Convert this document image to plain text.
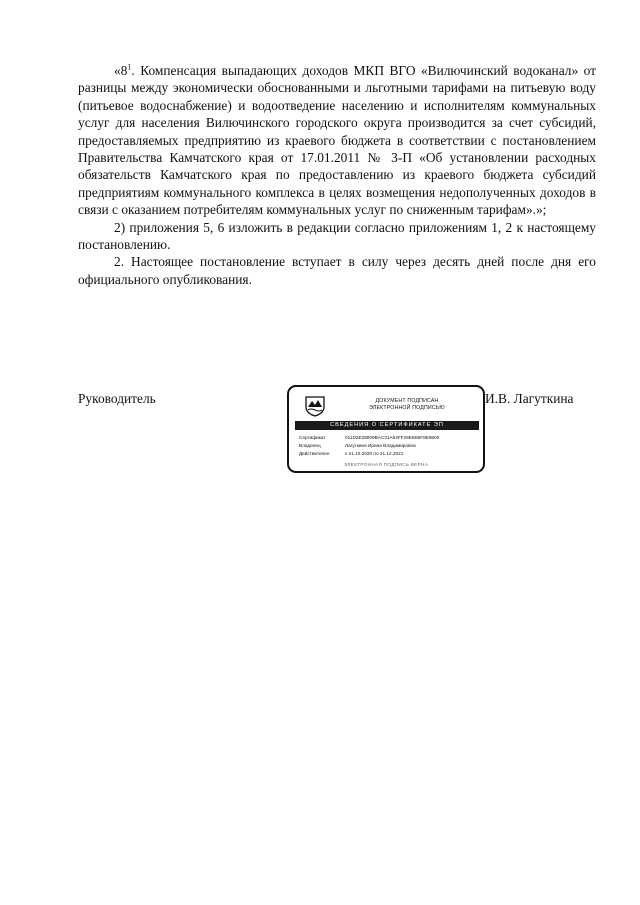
«$8^1$. Компенсация выпадающих доходов МКП ВГО «Вилючинский водоканал» от разницы между экономически обоснованными и льготными тарифами на питьевую воду (питьевое водоснабжение) и водоотведение населению и исполнителям коммунальных услуг для населения Вилючинского городского округа производится за счет субсидий, предоставляемых предприятию из краевого бюджета в соответствии с постановлением Правительства Камчатского края от 17.01.2011 № 3-П «Об установлении расходных обязательств Камчатского края по предоставлению из краевого бюджета субсидий предприятиям коммунального комплекса в целях возмещения недополученных доходов в связи с оказанием потребителям коммунальных услуг по сниженным тарифам».»;

2) приложения 5, 6 изложить в редакции согласно приложениям 1, 2 к настоящему постановлению.

2. Настоящее постановление вступает в силу через десять дней после дня его официального опубликования.

Руководитель	ДОКУМЕНТ ПОДПИСАН
ЭЛЕКТРОННОЙ ПОДПИСЬЮ
СВЕДЕНИЯ О СЕРТИФИКАТЕ ЭП
Сертификат	011D2E28009BAC31A54FF29EB86F8E9800
Владелец	Лагуткина Ирина Владимировна
Действителен	с 21.10.2020 по 21.12.2021
ЭЛЕКТРОННАЯ ПОДПИСЬ ВЕРНА
И.В. Лагуткина
